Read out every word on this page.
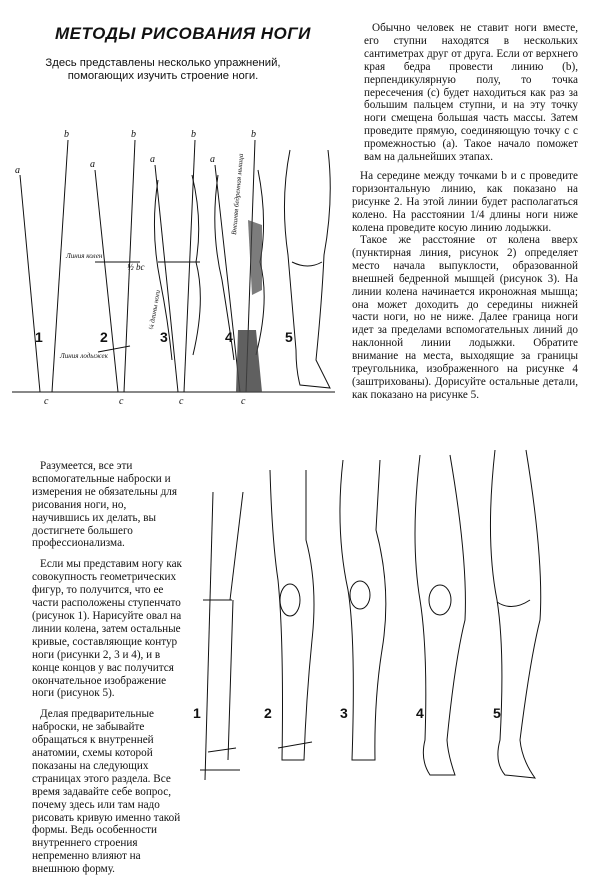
МЕТОДЫ РИСОВАНИЯ НОГИ
Здесь представлены несколько упражнений, помогающих изучить строение ноги.

Обычно человек не ставит ноги вместе, его ступни находятся в нескольких сантиметрах друг от друга. Если от верхнего края бедра провести линию (b), перпендикулярную полу, то точка пересечения (c) будет находиться как раз за большим пальцем ступни, и на эту точку ноги смещена большая часть массы. Затем проведите прямую, соединяющую точку c с промежностью (a). Такое начало поможет вам на дальнейших этапах.

На середине между точками b и c проведите горизонтальную линию, как показано на рисунке 2. На этой линии будет располагаться колено. На расстоянии 1/4 длины ноги ниже колена проведите косую линию лодыжки.

Такое же расстояние от колена вверх (пунктирная линия, рисунок 2) определяет место начала выпуклости, образованной внешней бедренной мышцей (рисунок 3). На линии колена начинается икроножная мышца; она может доходить до середины нижней части ноги, но не ниже. Далее граница ноги идет за пределами вспомогательных линий до наклонной линии лодыжки. Обратите внимание на места, выходящие за границы треугольника, изображенного на рисунке 4 (заштрихованы). Дорисуйте остальные детали, как показано на рисунке 5.

Разумеется, все эти вспомогательные наброски и измерения не обязательны для рисования ноги, но, научившись их делать, вы достигнете большего профессионализма.

Если мы представим ногу как совокупность геометрических фигур, то получится, что ее части расположены ступенчато (рисунок 1). Нарисуйте овал на линии колена, затем остальные кривые, составляющие контур ноги (рисунки 2, 3 и 4), и в конце концов у вас получится окончательное изображение ноги (рисунок 5).

Делая предварительные наброски, не забывайте обращаться к внутренней анатомии, схемы которой показаны на следующих страницах этого раздела. Все время задавайте себе вопрос, почему здесь или там надо рисовать кривую именно такой формы. Ведь особенности внутреннего строения непременно влияют на внешнюю форму.

a
b
c
a
b
c
a
b
c
a
b
c
Линия колен
Линия лодыжек
½ bc
¼ длины ноги
Внешняя бедренная мышца
1	2	3	4	5
1	2	3	4	5
